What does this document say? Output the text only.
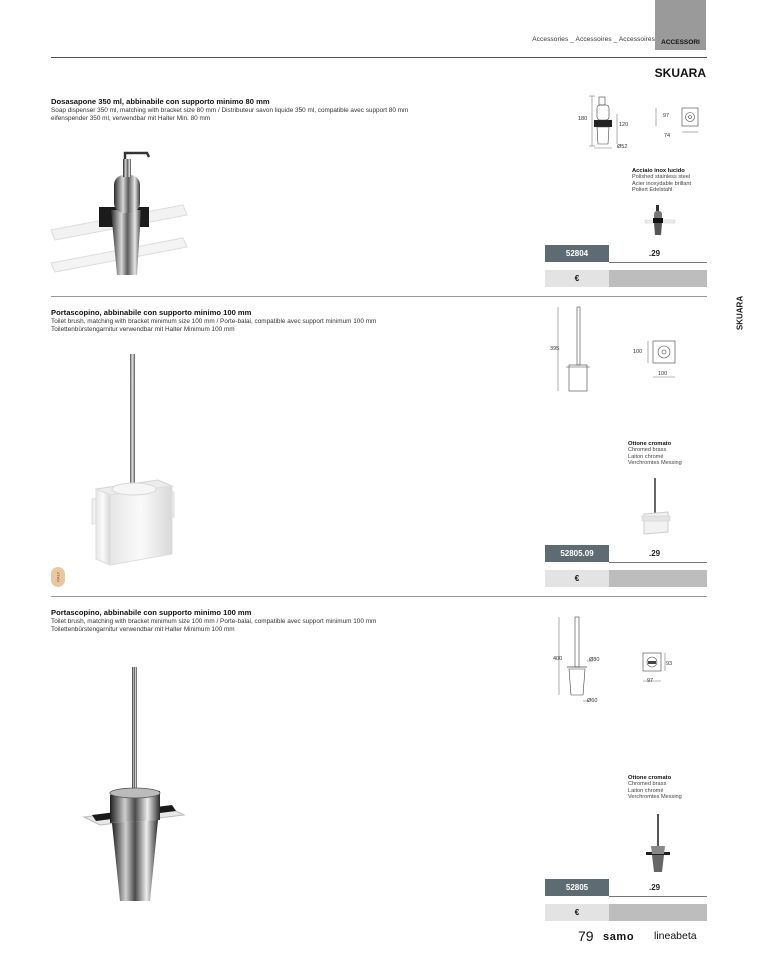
Accessories _ Accessoires _ Accessoires ACCESSORI
SKUARA
SKUARA
Dosasapone 350 ml, abbinabile con supporto minimo 80 mm
Soap dispenser 350 ml, matching with bracket size 80 mm / Distributeur savon liquide 350 ml, compatible avec support 80 mm
eifenspender 350 ml, verwendbar mit Halter Min. 80 mm	180
120
Ø52
97
74
Acciaio inox lucido
Polished stainless steel
Acier inoxydable brillant
Poliert Edelstahl
52804	.29
€
Portascopino, abbinabile con supporto minimo 100 mm
Toilet brush, matching with bracket minimum size 100 mm / Porte-balai, compatible avec support minimum 100 mm
Toilettenbürstengarnitur verwendbar mit Halter Minimum 100 mm
ITALY
395	100
100
Ottone cromato
Chromed brass
Laiton chromé
Verchromtes Messing
52805.09	.29
€
Portascopino, abbinabile con supporto minimo 100 mm
Toilet brush, matching with bracket minimum size 100 mm / Porte-balai, compatible avec support minimum 100 mm
Toilettenbürstengarnitur verwendbar mit Halter Minimum 100 mm
400	Ø80
Ø60
93
97
Ottone cromato
Chromed brass
Laiton chromé
Verchromtes Messing
52805	.29
€
79 samo lineabeta
